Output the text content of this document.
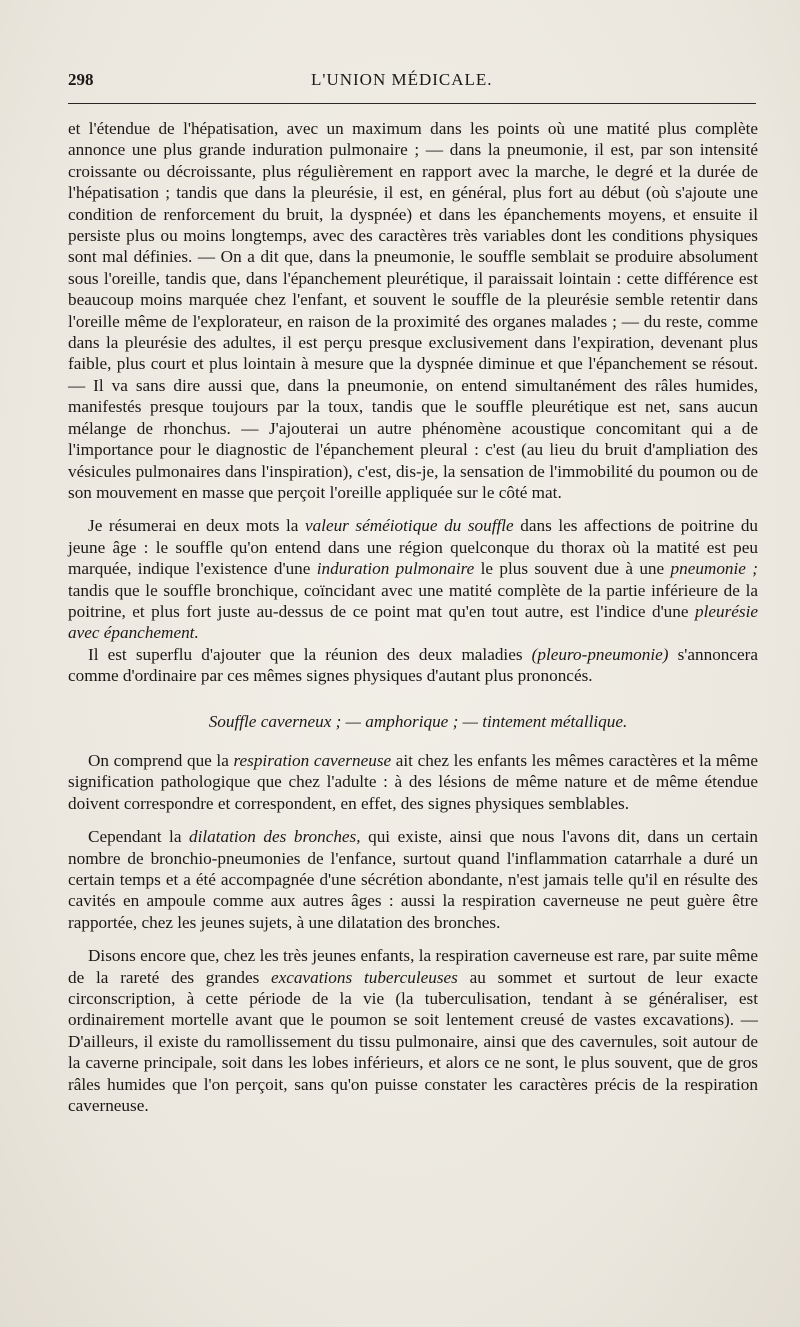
298	L'UNION MÉDICALE.

et l'étendue de l'hépatisation, avec un maximum dans les points où une matité plus complète annonce une plus grande induration pulmonaire ; — dans la pneumonie, il est, par son intensité croissante ou décroissante, plus régulièrement en rapport avec la marche, le degré et la durée de l'hépatisation ; tandis que dans la pleurésie, il est, en général, plus fort au début (où s'ajoute une condition de renforcement du bruit, la dyspnée) et dans les épanchements moyens, et ensuite il persiste plus ou moins longtemps, avec des caractères très variables dont les conditions physiques sont mal définies. — On a dit que, dans la pneumonie, le souffle semblait se produire absolument sous l'oreille, tandis que, dans l'épanchement pleurétique, il paraissait lointain : cette différence est beaucoup moins marquée chez l'enfant, et souvent le souffle de la pleurésie semble retentir dans l'oreille même de l'explorateur, en raison de la proximité des organes malades ; — du reste, comme dans la pleurésie des adultes, il est perçu presque exclusivement dans l'expiration, devenant plus faible, plus court et plus lointain à mesure que la dyspnée diminue et que l'épanchement se résout. — Il va sans dire aussi que, dans la pneumonie, on entend simultanément des râles humides, manifestés presque toujours par la toux, tandis que le souffle pleurétique est net, sans aucun mélange de rhonchus. — J'ajouterai un autre phénomène acoustique concomitant qui a de l'importance pour le diagnostic de l'épanchement pleural : c'est (au lieu du bruit d'ampliation des vésicules pulmonaires dans l'inspiration), c'est, dis-je, la sensation de l'immobilité du poumon ou de son mouvement en masse que perçoit l'oreille appliquée sur le côté mat.

Je résumerai en deux mots la valeur séméiotique du souffle dans les affections de poitrine du jeune âge : le souffle qu'on entend dans une région quelconque du thorax où la matité est peu marquée, indique l'existence d'une induration pulmonaire le plus souvent due à une pneumonie ; tandis que le souffle bronchique, coïncidant avec une matité complète de la partie inférieure de la poitrine, et plus fort juste au-dessus de ce point mat qu'en tout autre, est l'indice d'une pleurésie avec épanchement.

Il est superflu d'ajouter que la réunion des deux maladies (pleuro-pneumonie) s'annoncera comme d'ordinaire par ces mêmes signes physiques d'autant plus prononcés.

Souffle caverneux ; — amphorique ; — tintement métallique.

On comprend que la respiration caverneuse ait chez les enfants les mêmes caractères et la même signification pathologique que chez l'adulte : à des lésions de même nature et de même étendue doivent correspondre et correspondent, en effet, des signes physiques semblables.

Cependant la dilatation des bronches, qui existe, ainsi que nous l'avons dit, dans un certain nombre de bronchio-pneumonies de l'enfance, surtout quand l'inflammation catarrhale a duré un certain temps et a été accompagnée d'une sécrétion abondante, n'est jamais telle qu'il en résulte des cavités en ampoule comme aux autres âges : aussi la respiration caverneuse ne peut guère être rapportée, chez les jeunes sujets, à une dilatation des bronches.

Disons encore que, chez les très jeunes enfants, la respiration caverneuse est rare, par suite même de la rareté des grandes excavations tuberculeuses au sommet et surtout de leur exacte circonscription, à cette période de la vie (la tuberculisation, tendant à se généraliser, est ordinairement mortelle avant que le poumon se soit lentement creusé de vastes excavations). — D'ailleurs, il existe du ramollissement du tissu pulmonaire, ainsi que des cavernules, soit autour de la caverne principale, soit dans les lobes inférieurs, et alors ce ne sont, le plus souvent, que de gros râles humides que l'on perçoit, sans qu'on puisse constater les caractères précis de la respiration caverneuse.
